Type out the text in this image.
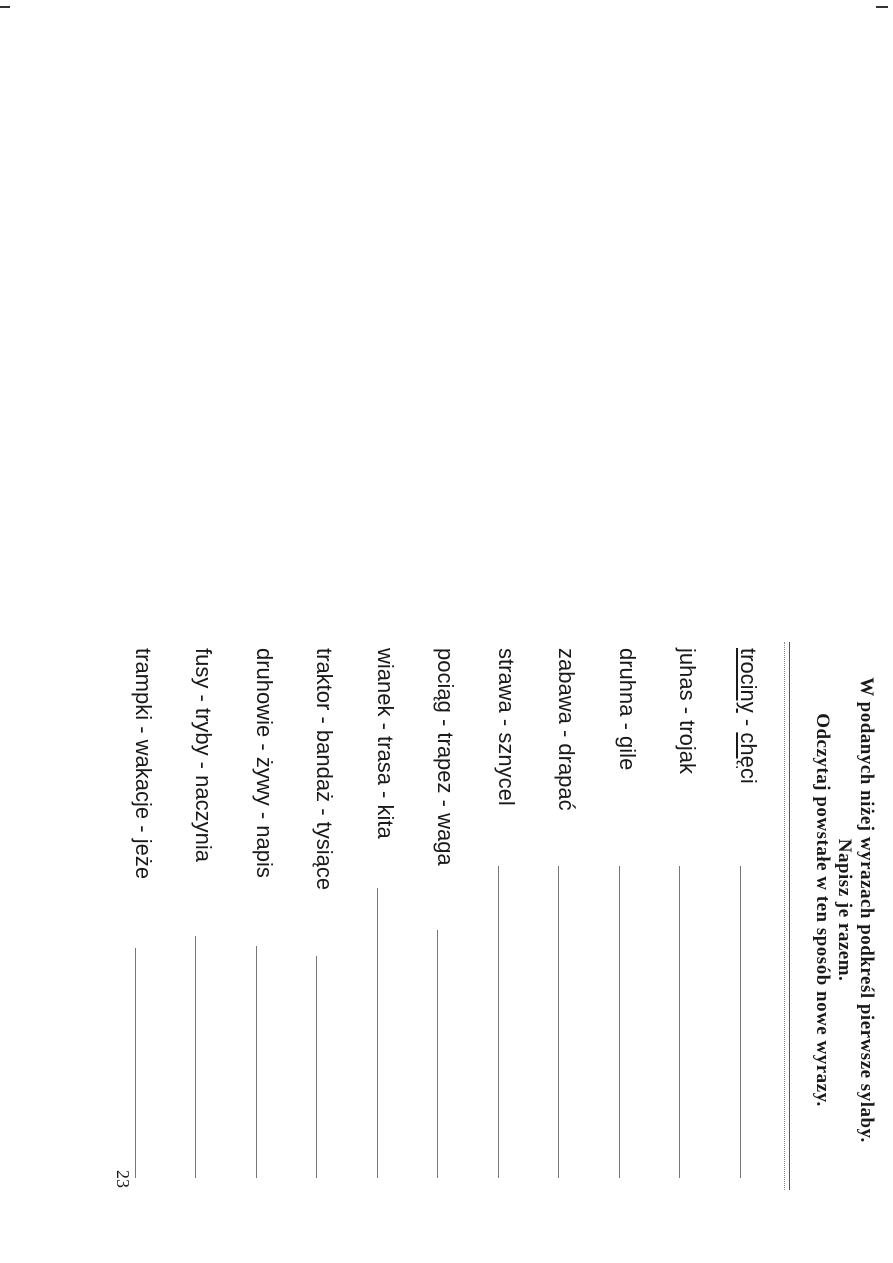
W podanych niżej wyrazach podkreśl pierwsze sylaby.
Napisz je razem.
Odczytaj powstałe w ten sposób nowe wyrazy.
trociny - chęci
juhas - trojak
druhna - gile
zabawa - drapać
strawa - sznycel
pociąg - trapez - waga
wianek - trasa - kita
traktor - bandaż - tysiące
druhowie - żywy - napis
fusy - tryby - naczynia
trampki - wakacje - jeże
23
